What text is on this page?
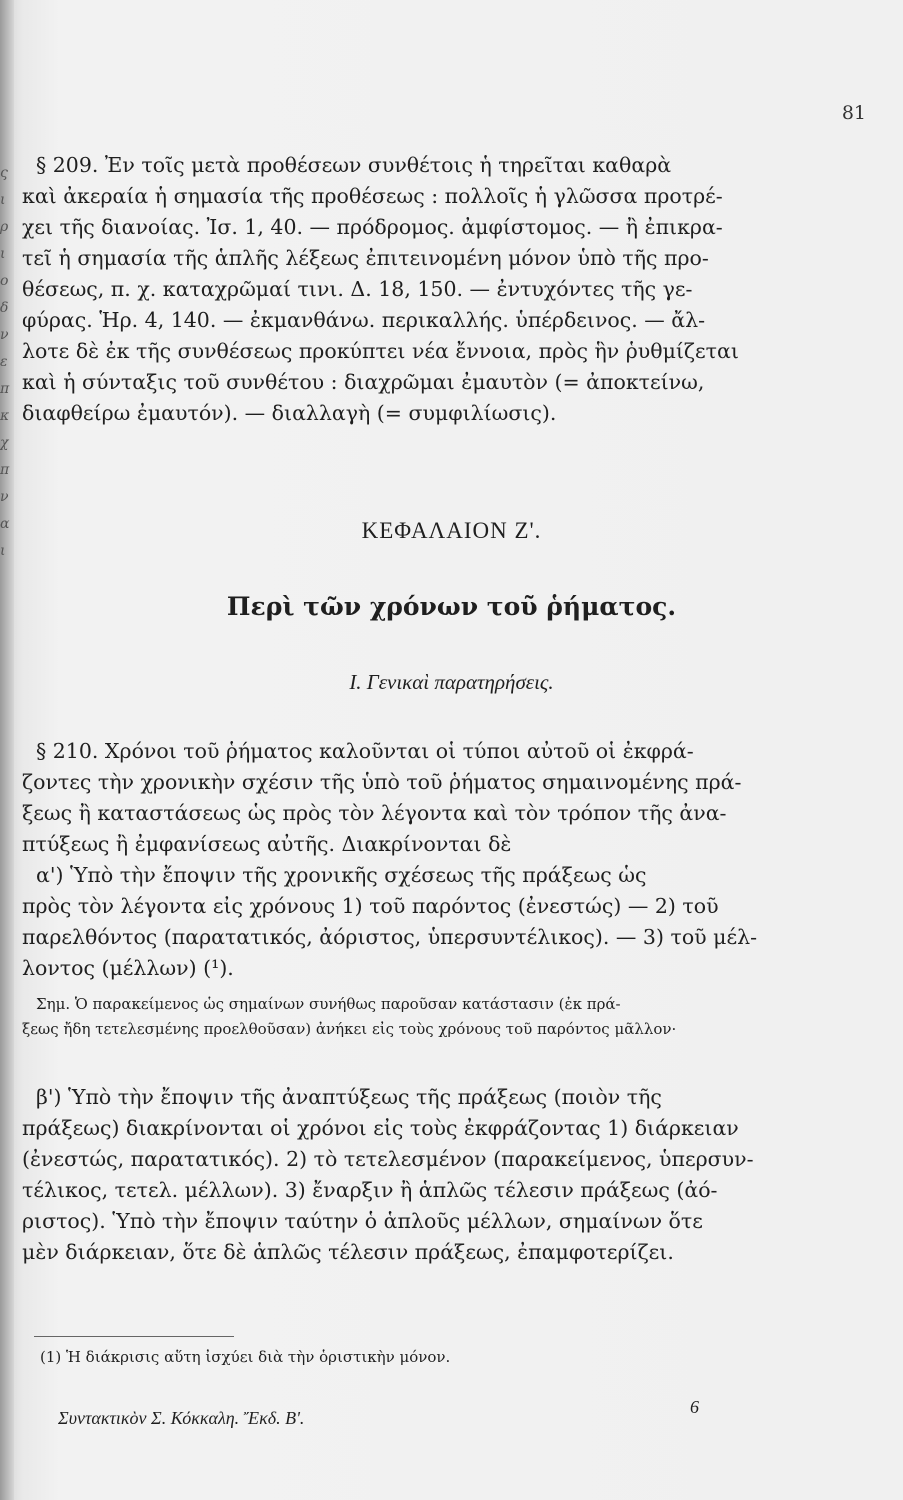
ς
ι
ρ
ι
ο
δ
ν
ε
π
κ
χ
π
ν
α
ι
81

§ 209. Ἐν τοῖς μετὰ προθέσεων συνθέτοις ἡ τηρεῖται καθαρὰ
καὶ ἀκεραία ἡ σημασία τῆς προθέσεως : πολλοῖς ἡ γλῶσσα προτρέ-
χει τῆς διανοίας. Ἰσ. 1, 40. — πρόδρομος. ἀμφίστομος. — ἢ ἐπικρα-
τεῖ ἡ σημασία τῆς ἁπλῆς λέξεως ἐπιτεινομένη μόνον ὑπὸ τῆς προ-
θέσεως, π. χ. καταχρῶμαί τινι. Δ. 18, 150. — ἐντυχόντες τῆς γε-
φύρας. Ἡρ. 4, 140. — ἐκμανθάνω. περικαλλής. ὑπέρδεινος. — ἄλ-
λοτε δὲ ἐκ τῆς συνθέσεως προκύπτει νέα ἔννοια, πρὸς ἣν ῥυθμίζεται
καὶ ἡ σύνταξις τοῦ συνθέτου : διαχρῶμαι ἐμαυτὸν (= ἀποκτείνω,
διαφθείρω ἐμαυτόν). — διαλλαγὴ (= συμφιλίωσις).

ΚΕΦΑΛΑΙΟΝ Ζ'.
Περὶ τῶν χρόνων τοῦ ῥήματος.
I. Γενικαὶ παρατηρήσεις.

§ 210. Χρόνοι τοῦ ῥήματος καλοῦνται οἱ τύποι αὐτοῦ οἱ ἐκφρά-
ζοντες τὴν χρονικὴν σχέσιν τῆς ὑπὸ τοῦ ῥήματος σημαινομένης πρά-
ξεως ἢ καταστάσεως ὡς πρὸς τὸν λέγοντα καὶ τὸν τρόπον τῆς ἀνα-
πτύξεως ἢ ἐμφανίσεως αὐτῆς. Διακρίνονται δὲ
α') Ὑπὸ τὴν ἔποψιν τῆς χρονικῆς σχέσεως τῆς πράξεως ὡς
πρὸς τὸν λέγοντα εἰς χρόνους 1) τοῦ παρόντος (ἐνεστώς) — 2) τοῦ
παρελθόντος (παρατατικός, ἀόριστος, ὑπερσυντέλικος). — 3) τοῦ μέλ-
λοντος (μέλλων) (¹).

Σημ. Ὁ παρακείμενος ὡς σημαίνων συνήθως παροῦσαν κατάστασιν (ἐκ πρά-
ξεως ἤδη τετελεσμένης προελθοῦσαν) ἀνήκει εἰς τοὺς χρόνους τοῦ παρόντος μᾶλλον·

β') Ὑπὸ τὴν ἔποψιν τῆς ἀναπτύξεως τῆς πράξεως (ποιὸν τῆς
πράξεως) διακρίνονται οἱ χρόνοι εἰς τοὺς ἐκφράζοντας 1) διάρκειαν
(ἐνεστώς, παρατατικός). 2) τὸ τετελεσμένον (παρακείμενος, ὑπερσυν-
τέλικος, τετελ. μέλλων). 3) ἔναρξιν ἢ ἁπλῶς τέλεσιν πράξεως (ἀό-
ριστος). Ὑπὸ τὴν ἔποψιν ταύτην ὁ ἁπλοῦς μέλλων, σημαίνων ὅτε
μὲν διάρκειαν, ὅτε δὲ ἁπλῶς τέλεσιν πράξεως, ἐπαμφοτερίζει.

(1) Ἡ διάκρισις αὕτη ἰσχύει διὰ τὴν ὁριστικὴν μόνον.
Συντακτικὸν Σ. Κόκκαλη. Ἔκδ. Β'.
6
